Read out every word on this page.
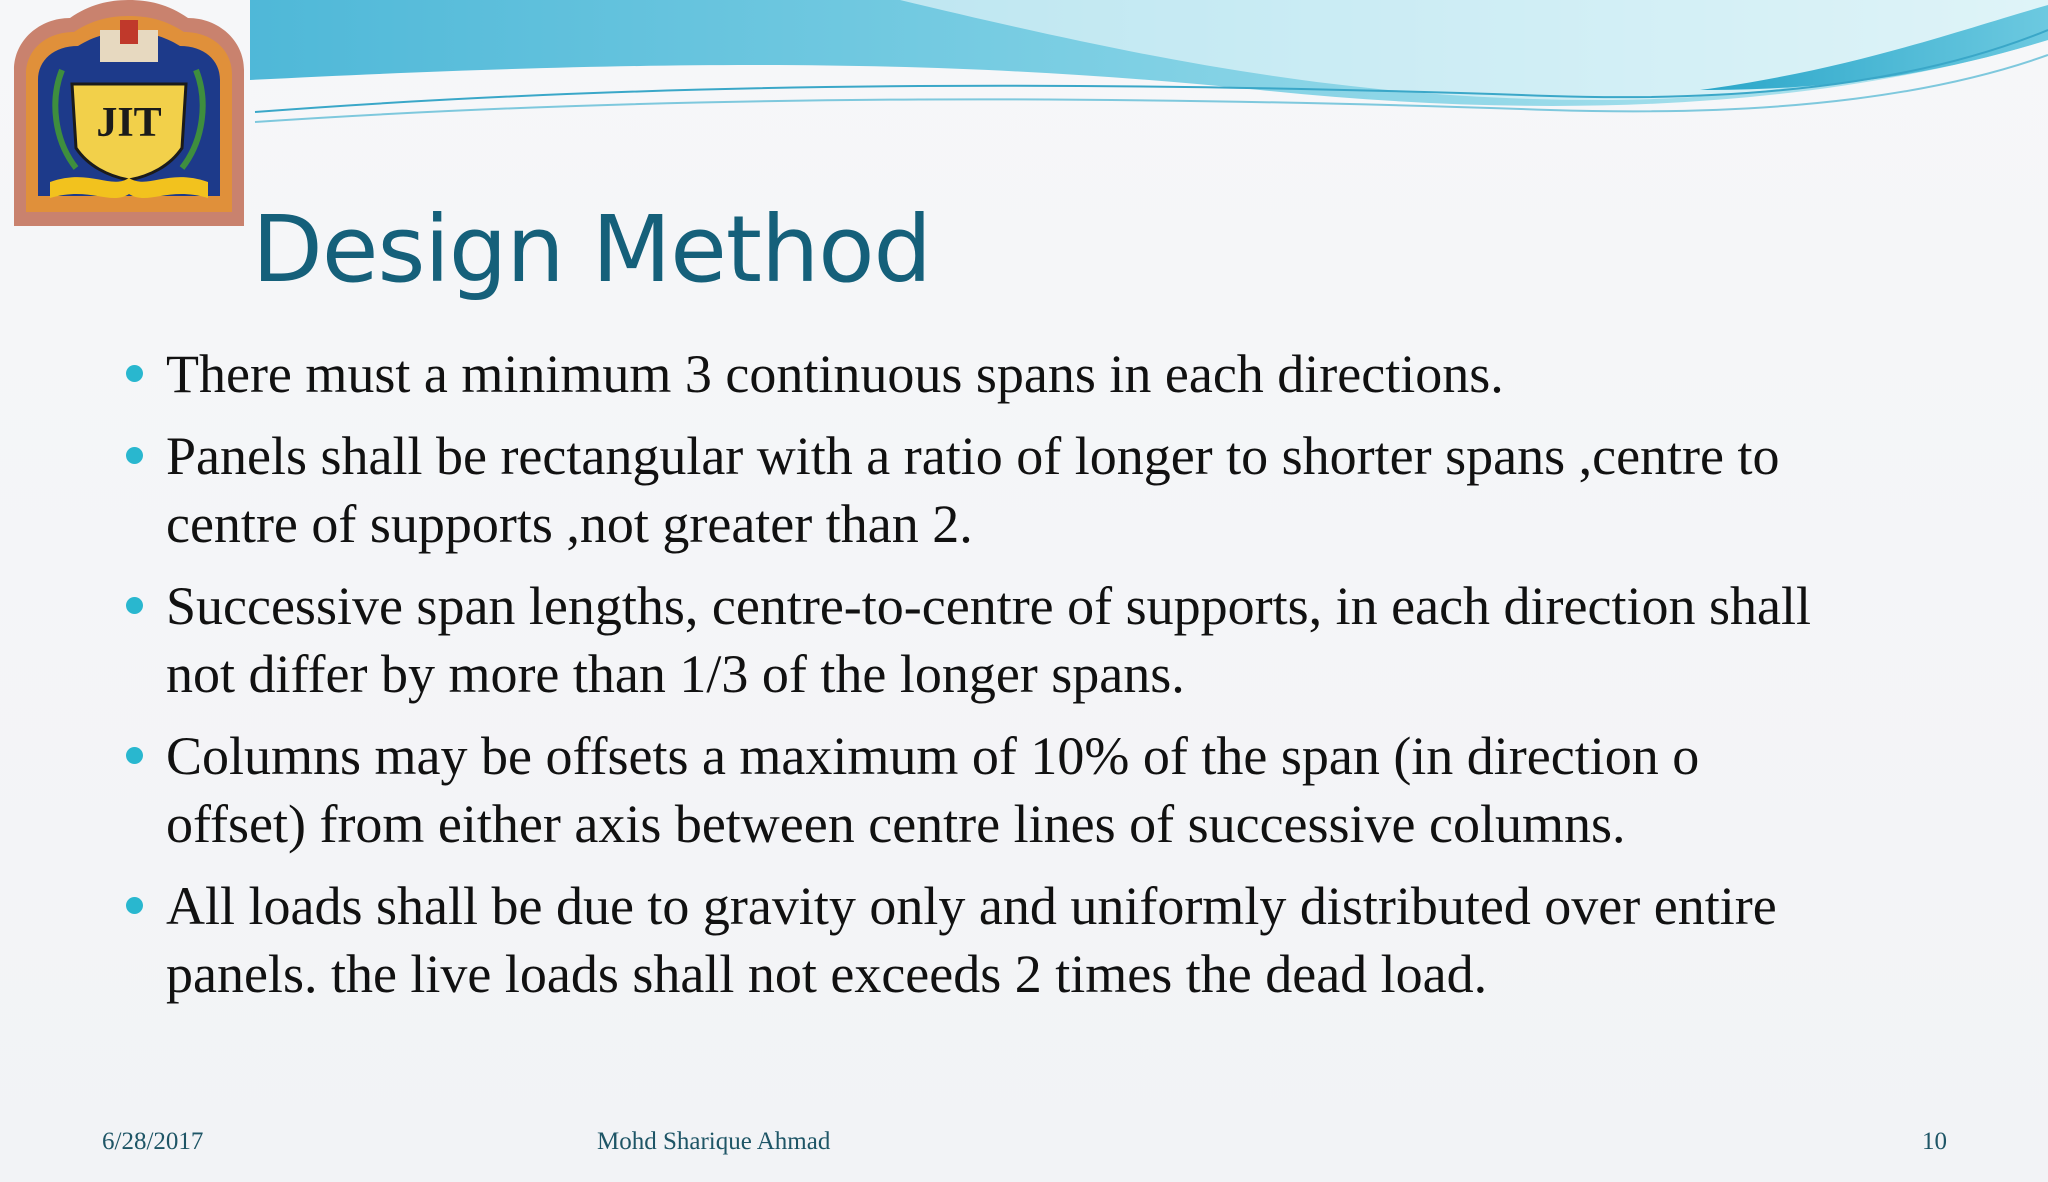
JIT
Design Method
There must a minimum 3 continuous spans in each directions.
Panels shall be rectangular with a ratio of longer to shorter spans ,centre to
centre of supports ,not greater than 2.
Successive span lengths, centre-to-centre of supports, in each direction shall
not differ by more than 1/3 of the longer spans.
Columns may be offsets a maximum of 10% of the span (in direction o
offset) from either axis between centre lines of successive columns.
All loads shall be due to gravity only and uniformly distributed over entire
panels. the live loads shall not exceeds 2 times the dead load.
6/28/2017	Mohd Sharique Ahmad	10
